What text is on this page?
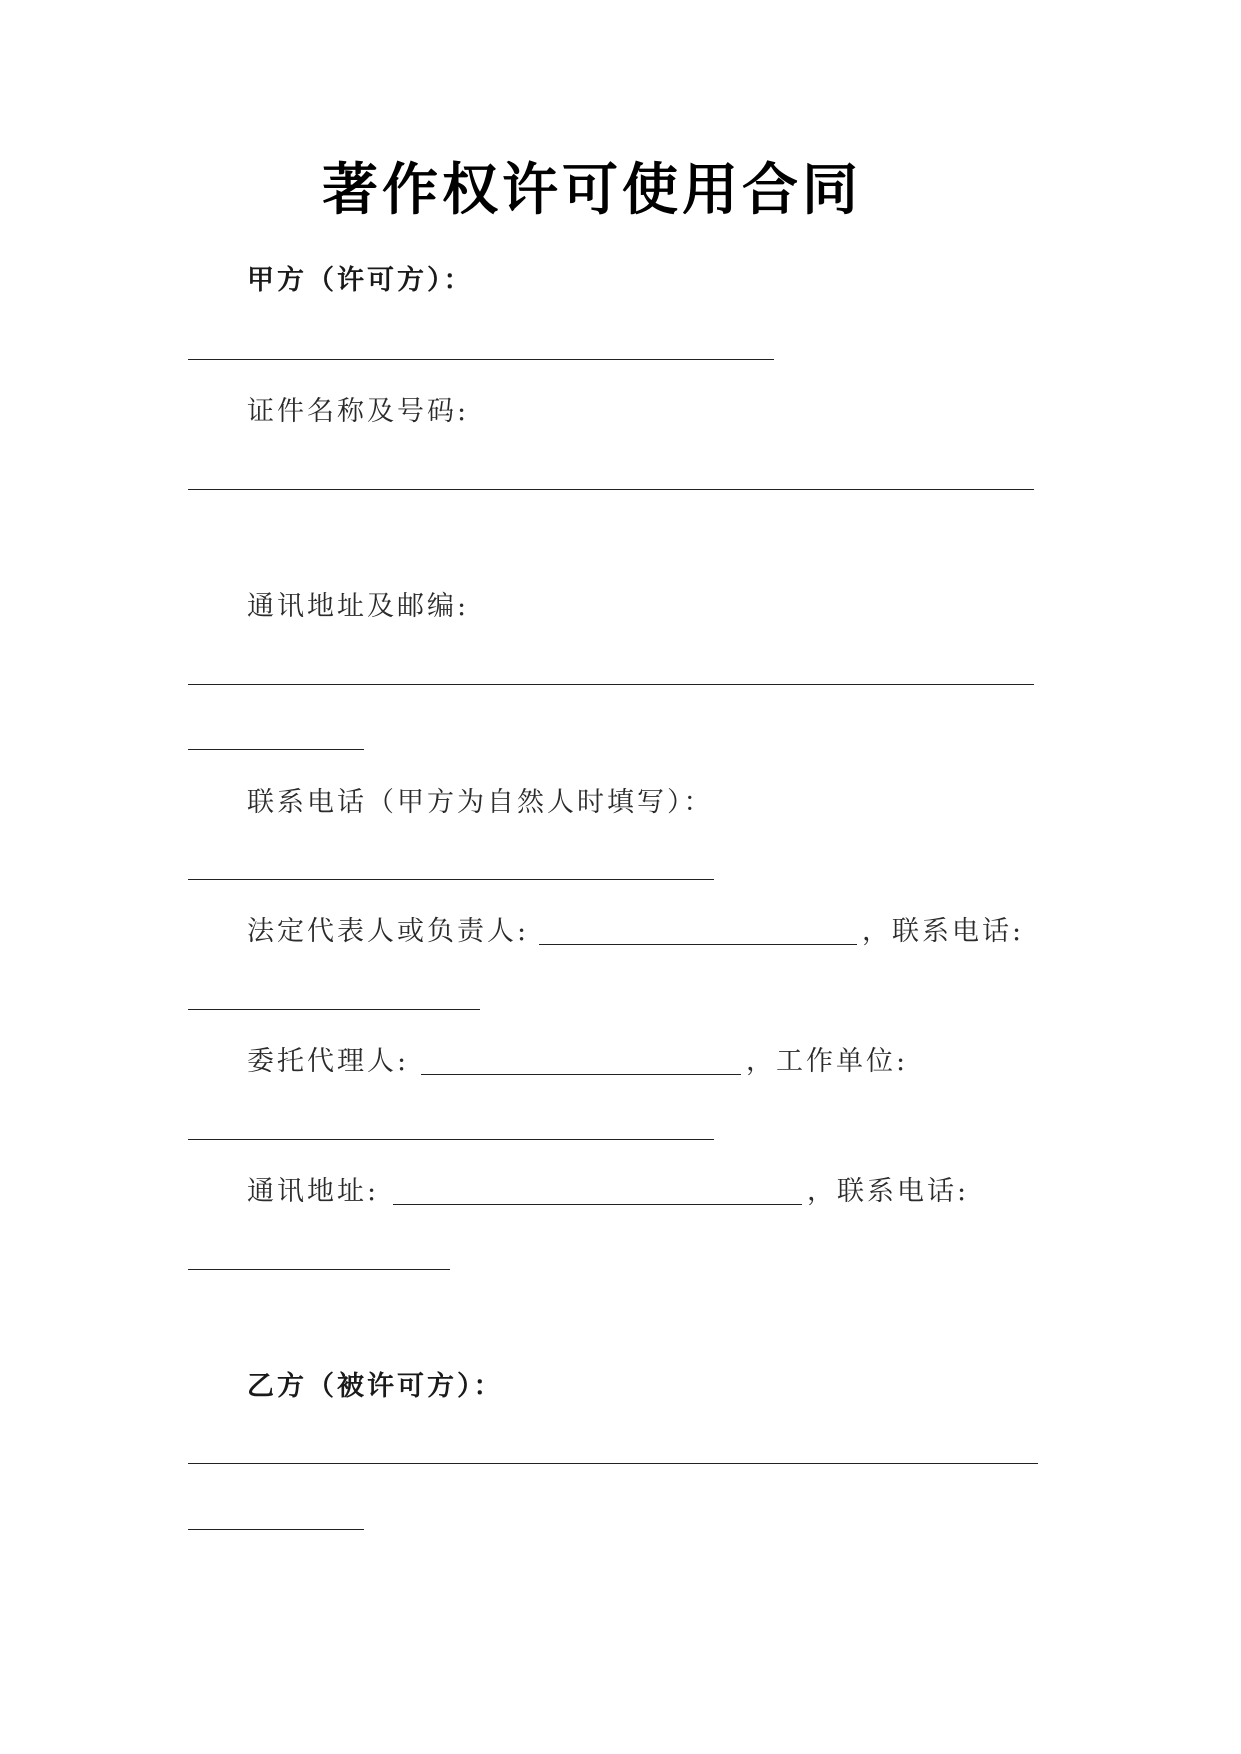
著作权许可使用合同
甲方（许可方）：
证件名称及号码:
通讯地址及邮编:
联系电话（甲方为自然人时填写）：
法定代表人或负责人:	，联系电话:
委托代理人:	，工作单位:
通讯地址:	，联系电话:
乙方（被许可方）：
